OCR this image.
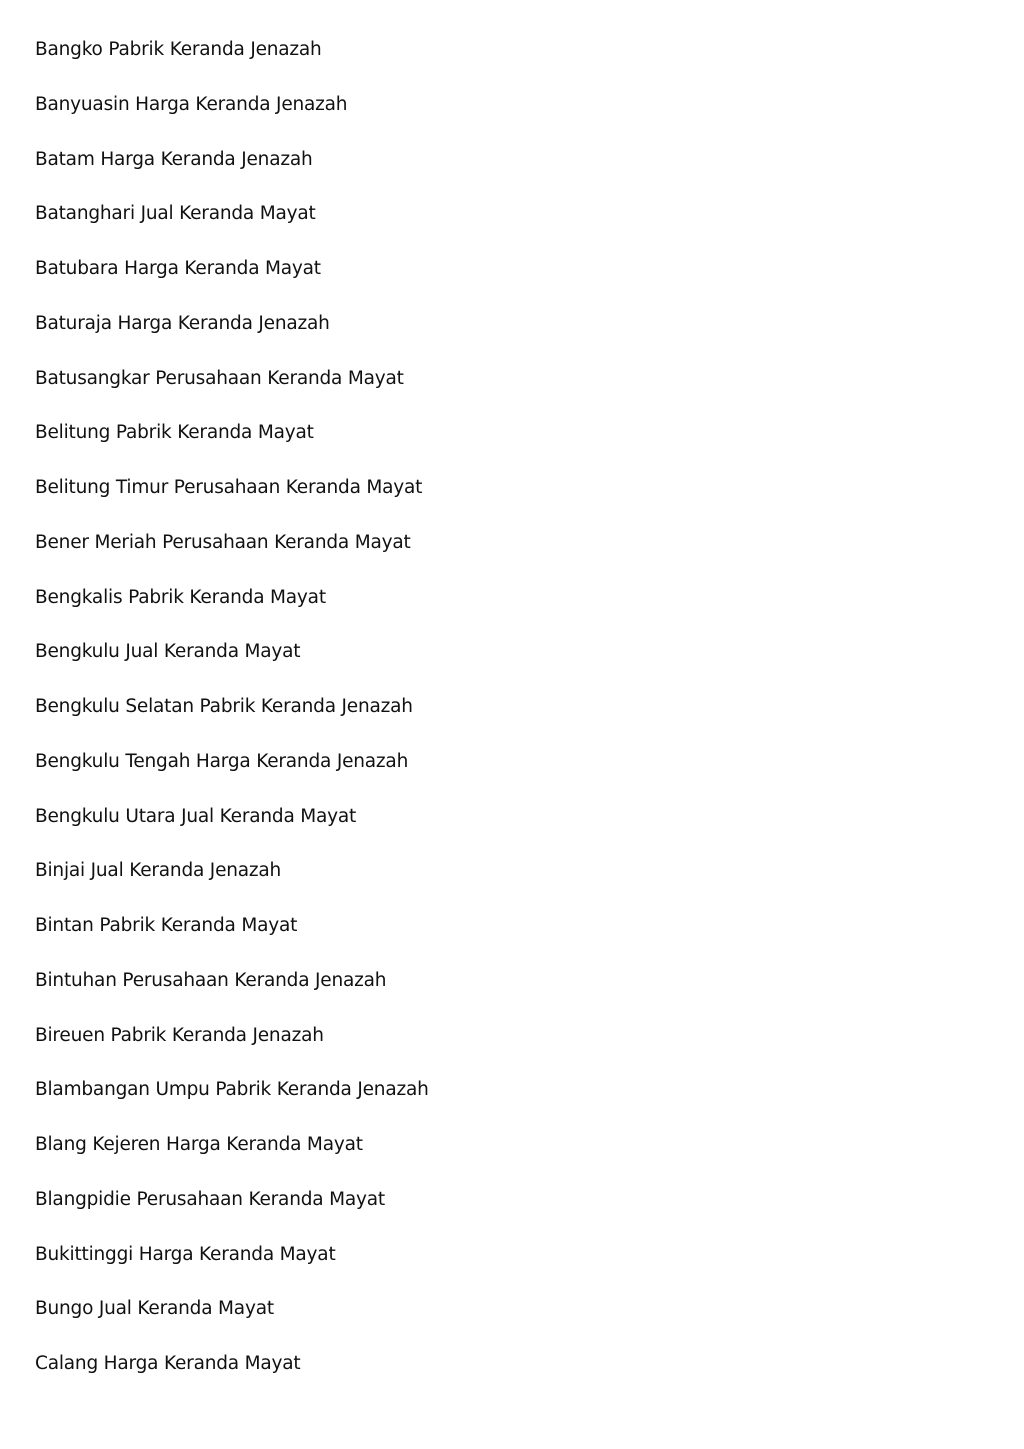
Bangko Pabrik Keranda Jenazah
Banyuasin Harga Keranda Jenazah
Batam Harga Keranda Jenazah
Batanghari Jual Keranda Mayat
Batubara Harga Keranda Mayat
Baturaja Harga Keranda Jenazah
Batusangkar Perusahaan Keranda Mayat
Belitung Pabrik Keranda Mayat
Belitung Timur Perusahaan Keranda Mayat
Bener Meriah Perusahaan Keranda Mayat
Bengkalis Pabrik Keranda Mayat
Bengkulu Jual Keranda Mayat
Bengkulu Selatan Pabrik Keranda Jenazah
Bengkulu Tengah Harga Keranda Jenazah
Bengkulu Utara Jual Keranda Mayat
Binjai Jual Keranda Jenazah
Bintan Pabrik Keranda Mayat
Bintuhan Perusahaan Keranda Jenazah
Bireuen Pabrik Keranda Jenazah
Blambangan Umpu Pabrik Keranda Jenazah
Blang Kejeren Harga Keranda Mayat
Blangpidie Perusahaan Keranda Mayat
Bukittinggi Harga Keranda Mayat
Bungo Jual Keranda Mayat
Calang Harga Keranda Mayat
